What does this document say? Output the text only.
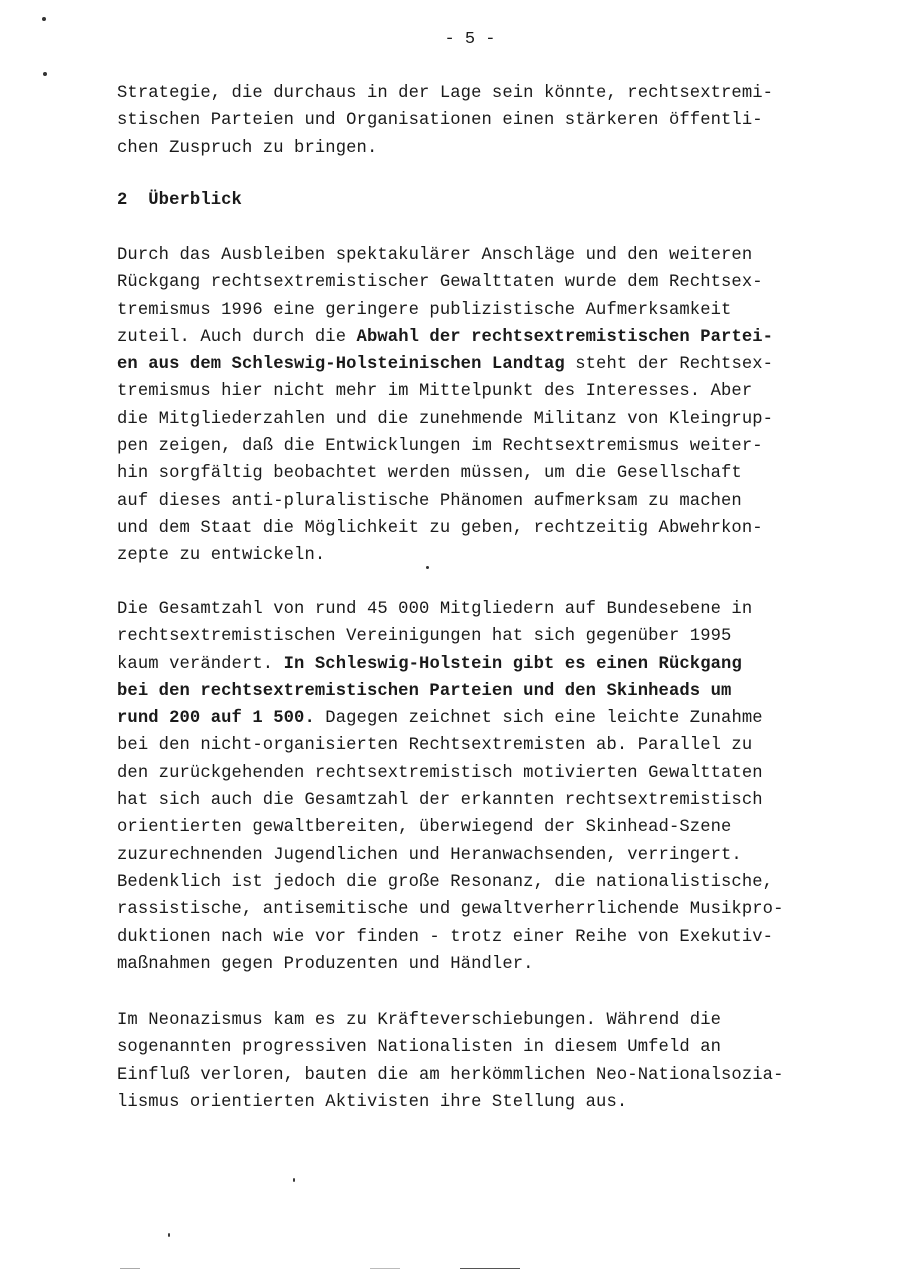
- 5 -
Strategie, die durchaus in der Lage sein könnte, rechtsextremi-
stischen Parteien und Organisationen einen stärkeren öffentli-
chen Zuspruch zu bringen.
2  Überblick
Durch das Ausbleiben spektakulärer Anschläge und den weiteren
Rückgang rechtsextremistischer Gewalttaten wurde dem Rechtsex-
tremismus 1996 eine geringere publizistische Aufmerksamkeit
zuteil. Auch durch die Abwahl der rechtsextremistischen Partei-
en aus dem Schleswig-Holsteinischen Landtag steht der Rechtsex-
tremismus hier nicht mehr im Mittelpunkt des Interesses. Aber
die Mitgliederzahlen und die zunehmende Militanz von Kleingrup-
pen zeigen, daß die Entwicklungen im Rechtsextremismus weiter-
hin sorgfältig beobachtet werden müssen, um die Gesellschaft
auf dieses anti-pluralistische Phänomen aufmerksam zu machen
und dem Staat die Möglichkeit zu geben, rechtzeitig Abwehrkon-
zepte zu entwickeln.
Die Gesamtzahl von rund 45 000 Mitgliedern auf Bundesebene in
rechtsextremistischen Vereinigungen hat sich gegenüber 1995
kaum verändert. In Schleswig-Holstein gibt es einen Rückgang
bei den rechtsextremistischen Parteien und den Skinheads um
rund 200 auf 1 500. Dagegen zeichnet sich eine leichte Zunahme
bei den nicht-organisierten Rechtsextremisten ab. Parallel zu
den zurückgehenden rechtsextremistisch motivierten Gewalttaten
hat sich auch die Gesamtzahl der erkannten rechtsextremistisch
orientierten gewaltbereiten, überwiegend der Skinhead-Szene
zuzurechnenden Jugendlichen und Heranwachsenden, verringert.
Bedenklich ist jedoch die große Resonanz, die nationalistische,
rassistische, antisemitische und gewaltverherrlichende Musikpro-
duktionen nach wie vor finden - trotz einer Reihe von Exekutiv-
maßnahmen gegen Produzenten und Händler.
Im Neonazismus kam es zu Kräfteverschiebungen. Während die
sogenannten progressiven Nationalisten in diesem Umfeld an
Einfluß verloren, bauten die am herkömmlichen Neo-Nationalsozia-
lismus orientierten Aktivisten ihre Stellung aus.
